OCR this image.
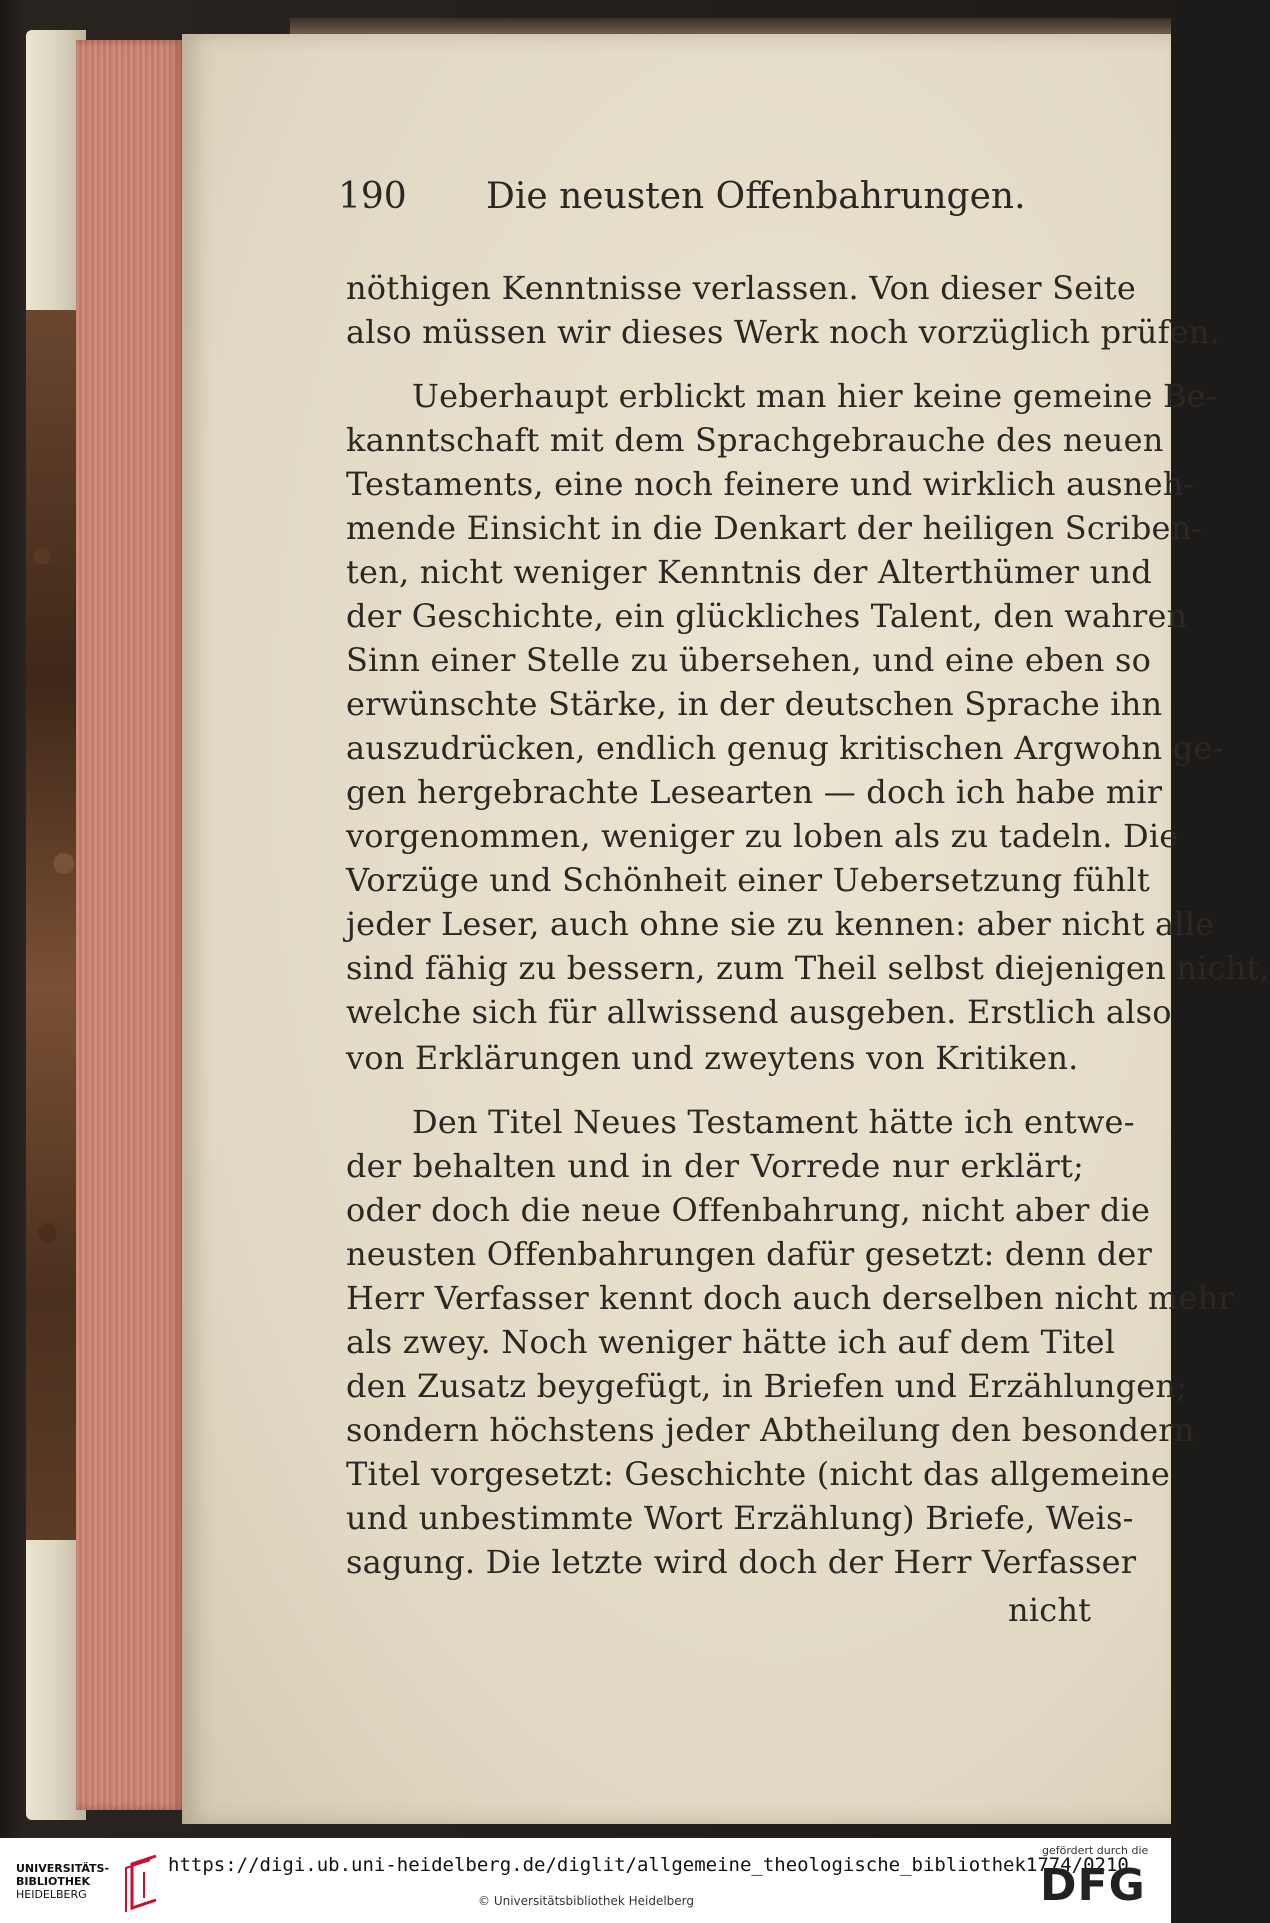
190 Die neusten Offenbahrungen.

nöthigen Kenntnisse verlassen. Von dieser Seite

also müssen wir dieses Werk noch vorzüglich prüfen.

Ueberhaupt erblickt man hier keine gemeine Be-

kanntschaft mit dem Sprachgebrauche des neuen

Testaments, eine noch feinere und wirklich ausneh-

mende Einsicht in die Denkart der heiligen Scriben-

ten, nicht weniger Kenntnis der Alterthümer und

der Geschichte, ein glückliches Talent, den wahren

Sinn einer Stelle zu übersehen, und eine eben so

erwünschte Stärke, in der deutschen Sprache ihn

auszudrücken, endlich genug kritischen Argwohn ge-

gen hergebrachte Lesearten — doch ich habe mir

vorgenommen, weniger zu loben als zu tadeln. Die

Vorzüge und Schönheit einer Uebersetzung fühlt

jeder Leser, auch ohne sie zu kennen: aber nicht alle

sind fähig zu bessern, zum Theil selbst diejenigen nicht,

welche sich für allwissend ausgeben. Erstlich also

von Erklärungen und zweytens von Kritiken.

Den Titel Neues Testament hätte ich entwe-

der behalten und in der Vorrede nur erklärt;

oder doch die neue Offenbahrung, nicht aber die

neusten Offenbahrungen dafür gesetzt: denn der

Herr Verfasser kennt doch auch derselben nicht mehr

als zwey. Noch weniger hätte ich auf dem Titel

den Zusatz beygefügt, in Briefen und Erzählungen;

sondern höchstens jeder Abtheilung den besondern

Titel vorgesetzt: Geschichte (nicht das allgemeine

und unbestimmte Wort Erzählung) Briefe, Weis-

sagung. Die letzte wird doch der Herr Verfasser

nicht

UNIVERSITÄTS-
BIBLIOTHEK
HEIDELBERG
https://digi.ub.uni-heidelberg.de/diglit/allgemeine_theologische_bibliothek1774/0210
© Universitätsbibliothek Heidelberg
gefördert durch die
DFG
